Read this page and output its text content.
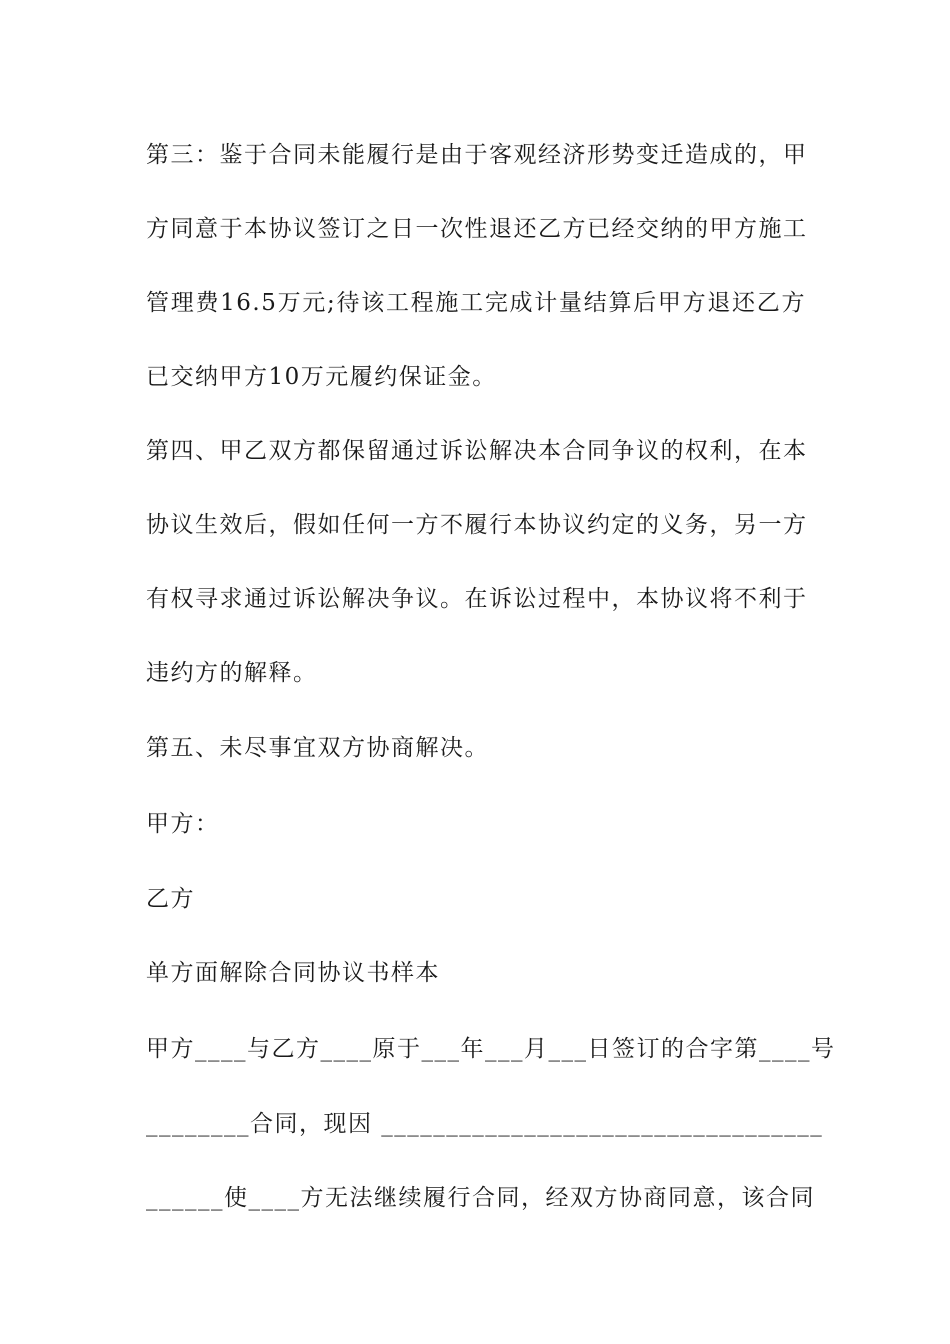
第三：鉴于合同未能履行是由于客观经济形势变迁造成的，甲
方同意于本协议签订之日一次性退还乙方已经交纳的甲方施工
管理费16.5万元;待该工程施工完成计量结算后甲方退还乙方
已交纳甲方10万元履约保证金。
第四、甲乙双方都保留通过诉讼解决本合同争议的权利，在本
协议生效后，假如任何一方不履行本协议约定的义务，另一方
有权寻求通过诉讼解决争议。在诉讼过程中，本协议将不利于
违约方的解释。
第五、未尽事宜双方协商解决。
甲方：
乙方
单方面解除合同协议书样本
甲方____与乙方____原于___年___月___日签订的合字第____号
________合同，现因 __________________________________
______使____方无法继续履行合同，经双方协商同意，该合同
